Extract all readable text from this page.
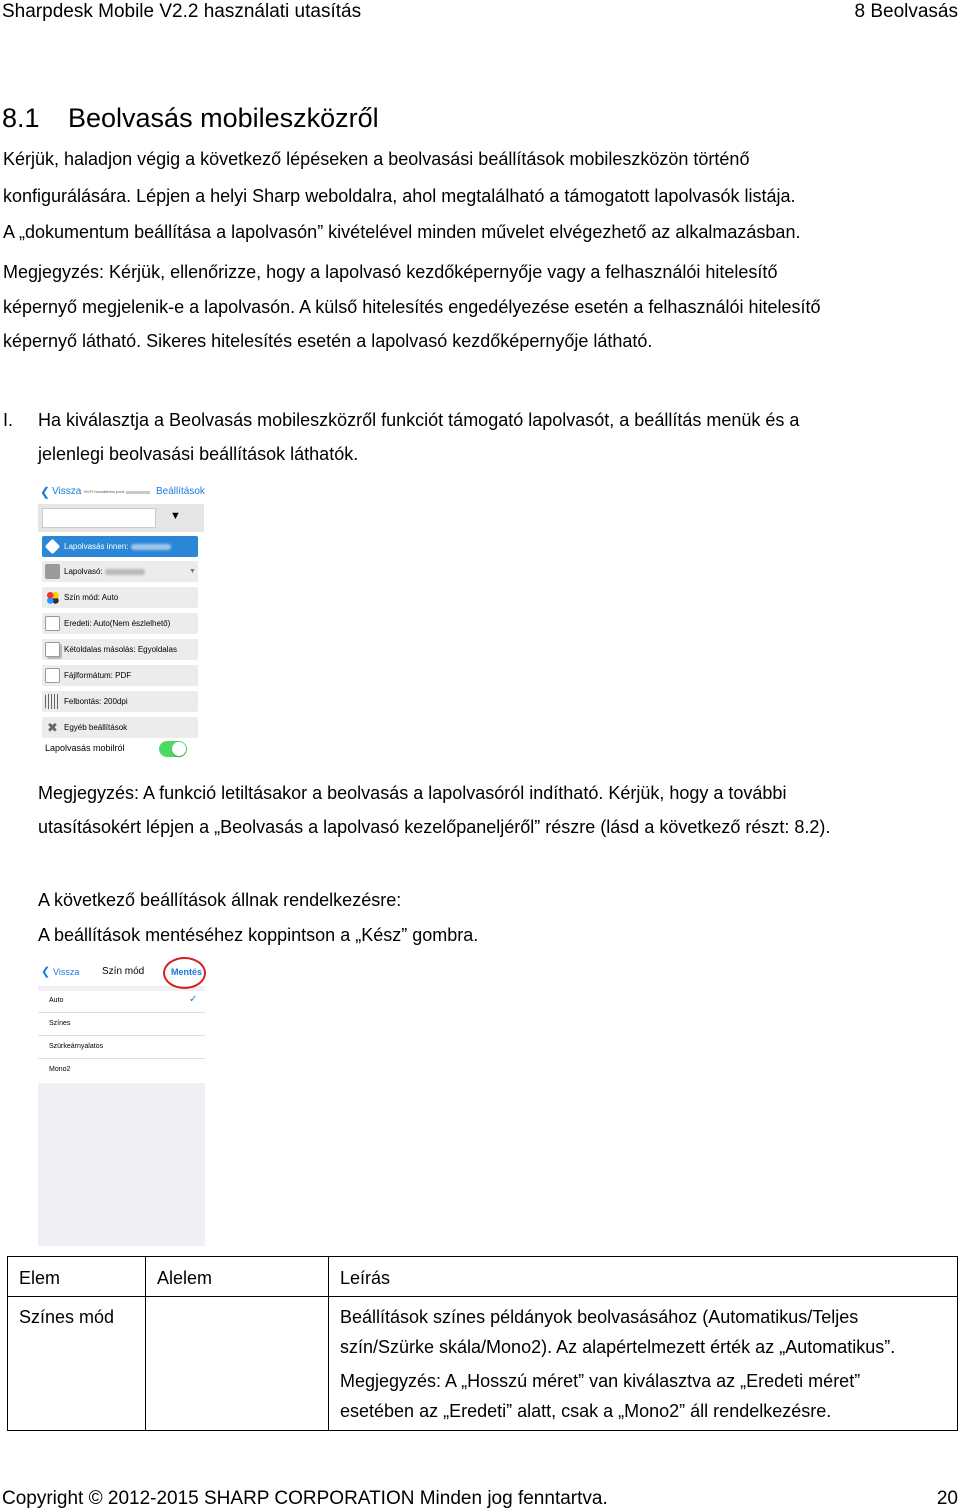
Sharpdesk Mobile V2.2 használati utasítás	8 Beolvasás
8.1 Beolvasás mobileszközről
Kérjük, haladjon végig a következő lépéseken a beolvasási beállítások mobileszközön történő
konfigurálására. Lépjen a helyi Sharp weboldalra, ahol megtalálható a támogatott lapolvasók listája.
A „dokumentum beállítása a lapolvasón” kivételével minden művelet elvégezhető az alkalmazásban.
Megjegyzés: Kérjük, ellenőrizze, hogy a lapolvasó kezdőképernyője vagy a felhasználói hitelesítő
képernyő megjelenik-e a lapolvasón. A külső hitelesítés engedélyezése esetén a felhasználói hitelesítő
képernyő látható. Sikeres hitelesítés esetén a lapolvasó kezdőképernyője látható.
I. Ha kiválasztja a Beolvasás mobileszközről funkciót támogató lapolvasót, a beállítás menük és a
jelenlegi beolvasási beállítások láthatók.
❮ Vissza Wi-Fi hozzáférési pont:	Beállítások
▼
Lapolvasás innen:
Lapolvasó:	▼
Szín mód: Auto
Eredeti: Auto(Nem észlelhető)
Kétoldalas másolás: Egyoldalas
Fájlformátum: PDF
Felbontás: 200dpi
✖ Egyéb beállítások
Lapolvasás mobilról
Megjegyzés: A funkció letiltásakor a beolvasás a lapolvasóról indítható. Kérjük, hogy a további
utasításokért lépjen a „Beolvasás a lapolvasó kezelőpaneljéről” részre (lásd a következő részt: 8.2).
A következő beállítások állnak rendelkezésre:
A beállítások mentéséhez koppintson a „Kész” gombra.
❮ Vissza Szín mód	Mentés
Auto	✓
Színes
Szürkeárnyalatos
Mono2
Elem	Alelem	Leírás
Színes mód		Beállítások színes példányok beolvasásához (Automatikus/Teljes
szín/Szürke skála/Mono2). Az alapértelmezett érték az „Automatikus”.
Megjegyzés: A „Hosszú méret” van kiválasztva az „Eredeti méret”
esetében az „Eredeti” alatt, csak a „Mono2” áll rendelkezésre.
Copyright © 2012-2015 SHARP CORPORATION Minden jog fenntartva.	20
